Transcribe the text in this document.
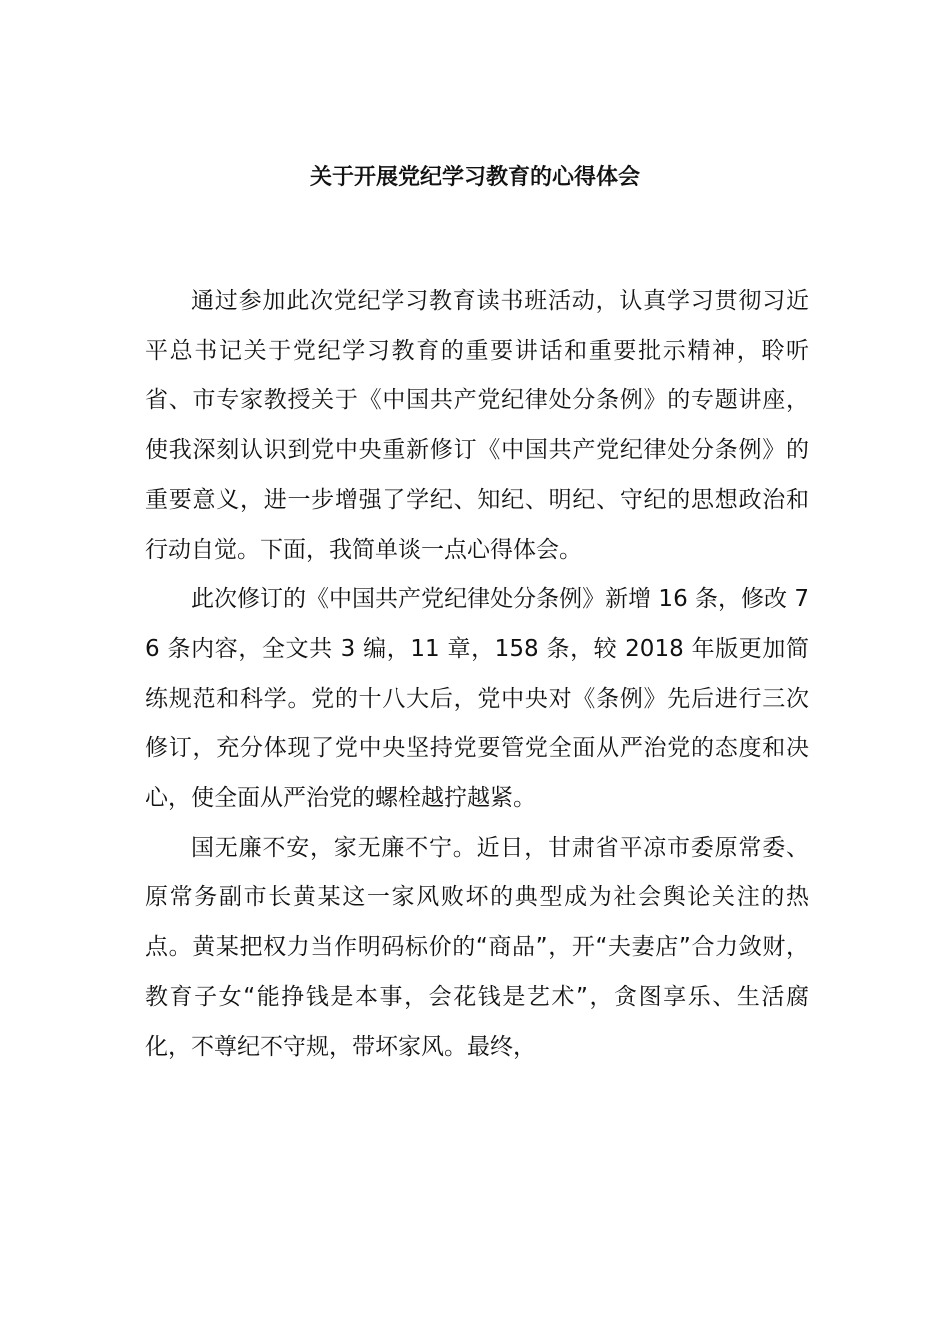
关于开展党纪学习教育的心得体会

通过参加此次党纪学习教育读书班活动，认真学习贯彻习近平总书记关于党纪学习教育的重要讲话和重要批示精神，聆听省、市专家教授关于《中国共产党纪律处分条例》的专题讲座，使我深刻认识到党中央重新修订《中国共产党纪律处分条例》的重要意义，进一步增强了学纪、知纪、明纪、守纪的思想政治和行动自觉。下面，我简单谈一点心得体会。

此次修订的《中国共产党纪律处分条例》新增 16 条，修改 76 条内容，全文共 3 编，11 章，158 条，较 2018 年版更加简练规范和科学。党的十八大后，党中央对《条例》先后进行三次修订，充分体现了党中央坚持党要管党全面从严治党的态度和决心，使全面从严治党的螺栓越拧越紧。

国无廉不安，家无廉不宁。近日，甘肃省平凉市委原常委、原常务副市长黄某这一家风败坏的典型成为社会舆论关注的热点。黄某把权力当作明码标价的“商品”，开“夫妻店”合力敛财，教育子女“能挣钱是本事，会花钱是艺术”，贪图享乐、生活腐化，不尊纪不守规，带坏家风。最终，
